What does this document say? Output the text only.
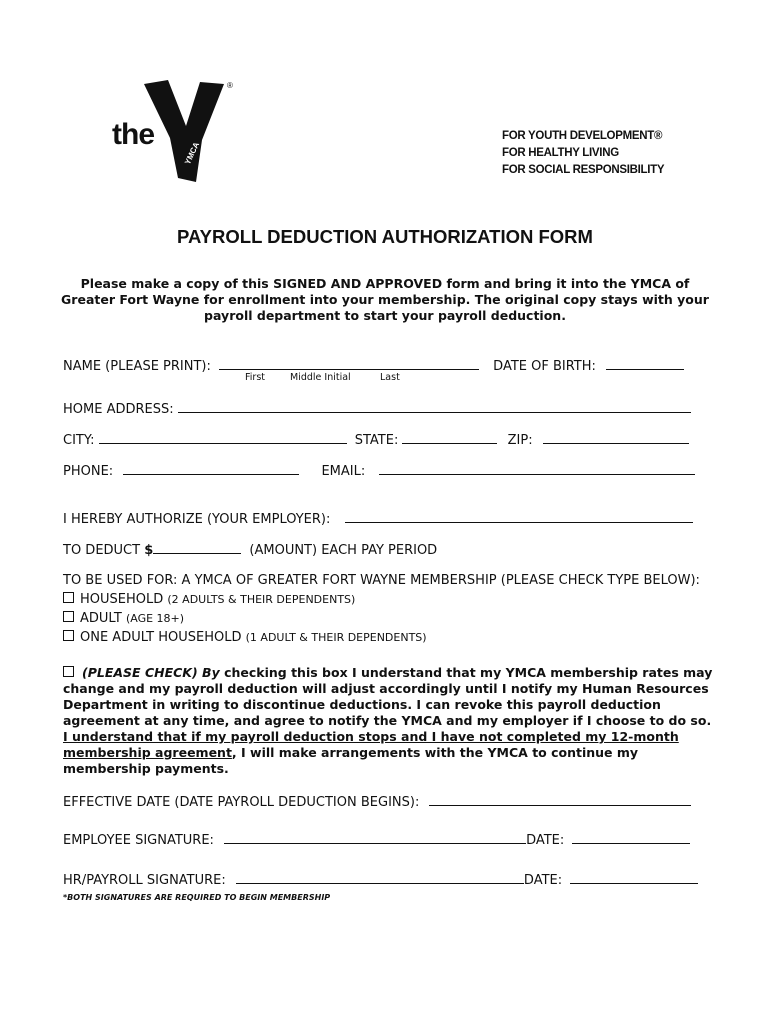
the
YMCA
®
FOR YOUTH DEVELOPMENT®
FOR HEALTHY LIVING
FOR SOCIAL RESPONSIBILITY
PAYROLL DEDUCTION AUTHORIZATION FORM
Please make a copy of this SIGNED AND APPROVED form and bring it into the YMCA of Greater Fort Wayne for enrollment into your membership. The original copy stays with your payroll department to start your payroll deduction.
NAME (PLEASE PRINT):	DATE OF BIRTH:
First	Middle Initial	Last
HOME ADDRESS:
CITY:	STATE:	ZIP:
PHONE:	EMAIL:
I HEREBY AUTHORIZE (YOUR EMPLOYER):
TO DEDUCT $	(AMOUNT) EACH PAY PERIOD
TO BE USED FOR: A YMCA OF GREATER FORT WAYNE MEMBERSHIP (PLEASE CHECK TYPE BELOW):
HOUSEHOLD (2 ADULTS & THEIR DEPENDENTS)
ADULT (AGE 18+)
ONE ADULT HOUSEHOLD (1 ADULT & THEIR DEPENDENTS)
(PLEASE CHECK) By checking this box I understand that my YMCA membership rates may change and my payroll deduction will adjust accordingly until I notify my Human Resources Department in writing to discontinue deductions. I can revoke this payroll deduction agreement at any time, and agree to notify the YMCA and my employer if I choose to do so. I understand that if my payroll deduction stops and I have not completed my 12-month membership agreement, I will make arrangements with the YMCA to continue my membership payments.
EFFECTIVE DATE (DATE PAYROLL DEDUCTION BEGINS):
EMPLOYEE SIGNATURE:	DATE:
HR/PAYROLL SIGNATURE:	DATE:
*BOTH SIGNATURES ARE REQUIRED TO BEGIN MEMBERSHIP
